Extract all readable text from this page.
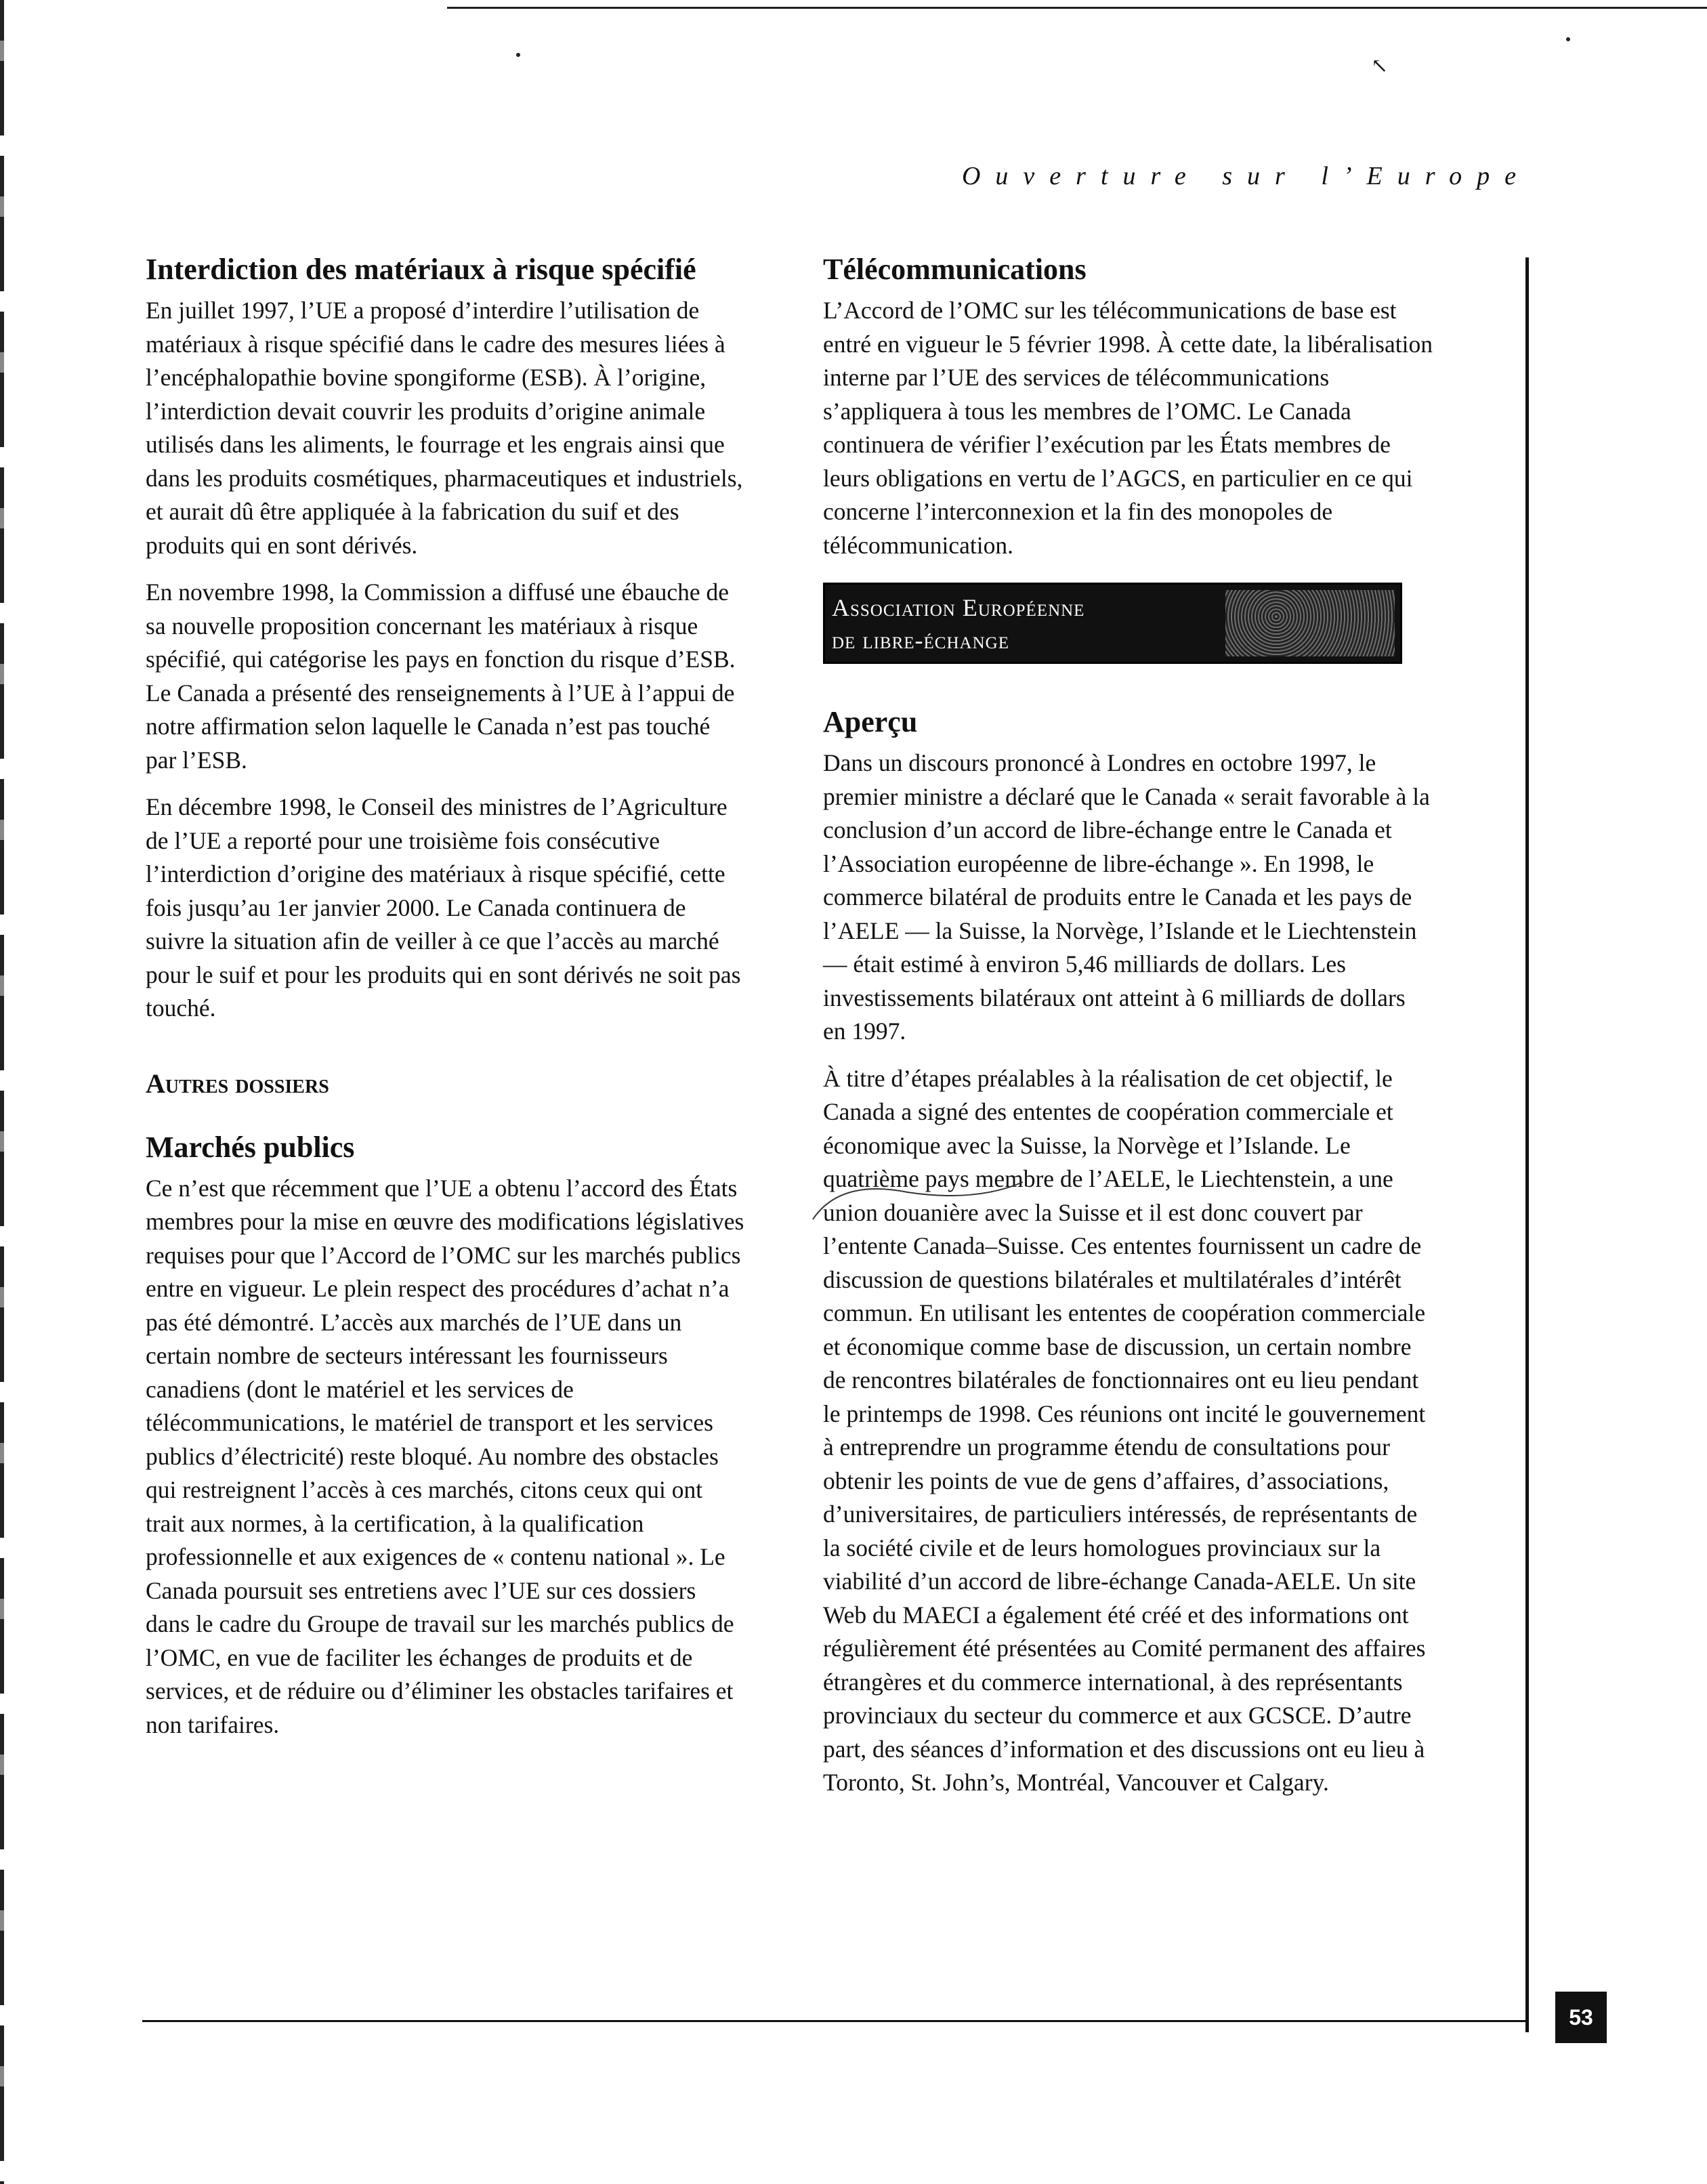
↖
Ouverture sur l’Europe
Interdiction des matériaux à risque spécifié

En juillet 1997, l’UE a proposé d’interdire l’utilisation de matériaux à risque spécifié dans le cadre des mesures liées à l’encéphalopathie bovine spongiforme (ESB). À l’origine, l’interdiction devait couvrir les produits d’origine animale utilisés dans les aliments, le fourrage et les engrais ainsi que dans les produits cosmétiques, pharmaceutiques et industriels, et aurait dû être appliquée à la fabrication du suif et des produits qui en sont dérivés.

En novembre 1998, la Commission a diffusé une ébauche de sa nouvelle proposition concernant les matériaux à risque spécifié, qui catégorise les pays en fonction du risque d’ESB. Le Canada a présenté des renseignements à l’UE à l’appui de notre affirmation selon laquelle le Canada n’est pas touché par l’ESB.

En décembre 1998, le Conseil des ministres de l’Agriculture de l’UE a reporté pour une troisième fois consécutive l’interdiction d’origine des matériaux à risque spécifié, cette fois jusqu’au 1er janvier 2000. Le Canada continuera de suivre la situation afin de veiller à ce que l’accès au marché pour le suif et pour les produits qui en sont dérivés ne soit pas touché.

Autres dossiers
Marchés publics

Ce n’est que récemment que l’UE a obtenu l’accord des États membres pour la mise en œuvre des modifications législatives requises pour que l’Accord de l’OMC sur les marchés publics entre en vigueur. Le plein respect des procédures d’achat n’a pas été démontré. L’accès aux marchés de l’UE dans un certain nombre de secteurs intéressant les fournisseurs canadiens (dont le matériel et les services de télécommunications, le matériel de transport et les services publics d’électricité) reste bloqué. Au nombre des obstacles qui restreignent l’accès à ces marchés, citons ceux qui ont trait aux normes, à la certification, à la qualification professionnelle et aux exigences de « contenu national ». Le Canada poursuit ses entretiens avec l’UE sur ces dossiers dans le cadre du Groupe de travail sur les marchés publics de l’OMC, en vue de faciliter les échanges de produits et de services, et de réduire ou d’éliminer les obstacles tarifaires et non tarifaires.

Télécommunications

L’Accord de l’OMC sur les télécommunications de base est entré en vigueur le 5 février 1998. À cette date, la libéralisation interne par l’UE des services de télécommunications s’appliquera à tous les membres de l’OMC. Le Canada continuera de vérifier l’exécution par les États membres de leurs obligations en vertu de l’AGCS, en particulier en ce qui concerne l’interconnexion et la fin des monopoles de télécommunication.

Association Européenne
de libre-échange
Aperçu

Dans un discours prononcé à Londres en octobre 1997, le premier ministre a déclaré que le Canada « serait favorable à la conclusion d’un accord de libre-échange entre le Canada et l’Association européenne de libre-échange ». En 1998, le commerce bilatéral de produits entre le Canada et les pays de l’AELE — la Suisse, la Norvège, l’Islande et le Liechtenstein — était estimé à environ 5,46 milliards de dollars. Les investissements bilatéraux ont atteint à 6 milliards de dollars en 1997.

À titre d’étapes préalables à la réalisation de cet objectif, le Canada a signé des ententes de coopération commerciale et économique avec la Suisse, la Norvège et l’Islande. Le quatrième pays membre de l’AELE, le Liechtenstein, a une union douanière avec la Suisse et il est donc couvert par l’entente Canada–Suisse. Ces ententes fournissent un cadre de discussion de questions bilatérales et multilatérales d’intérêt commun. En utilisant les ententes de coopération commerciale et économique comme base de discussion, un certain nombre de rencontres bilatérales de fonctionnaires ont eu lieu pendant le printemps de 1998. Ces réunions ont incité le gouvernement à entreprendre un programme étendu de consultations pour obtenir les points de vue de gens d’affaires, d’associations, d’universitaires, de particuliers intéressés, de représentants de la société civile et de leurs homologues provinciaux sur la viabilité d’un accord de libre-échange Canada-AELE. Un site Web du MAECI a également été créé et des informations ont régulièrement été présentées au Comité permanent des affaires étrangères et du commerce international, à des représentants provinciaux du secteur du commerce et aux GCSCE. D’autre part, des séances d’information et des discussions ont eu lieu à Toronto, St. John’s, Montréal, Vancouver et Calgary.

53
